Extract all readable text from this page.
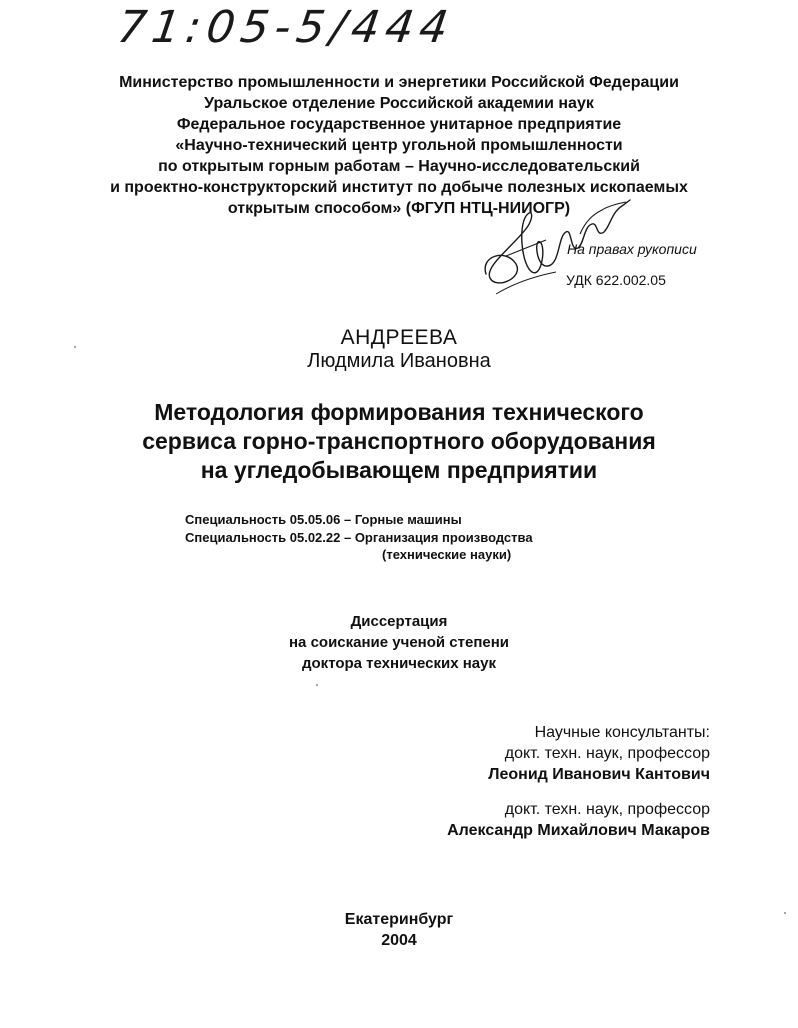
71:05-5/444
Министерство промышленности и энергетики Российской Федерации
Уральское отделение Российской академии наук
Федеральное государственное унитарное предприятие
«Научно-технический центр угольной промышленности
по открытым горным работам – Научно-исследовательский
и проектно-конструкторский институт по добыче полезных ископаемых
открытым способом» (ФГУП НТЦ-НИИОГР)
На правах рукописи
УДК 622.002.05
АНДРЕЕВА
Людмила Ивановна
Методология формирования технического
сервиса горно-транспортного оборудования
на угледобывающем предприятии
Специальность 05.05.06 – Горные машины
Специальность 05.02.22 – Организация производства
(технические науки)
Диссертация
на соискание ученой степени
доктора технических наук
Научные консультанты:
докт. техн. наук, профессор
Леонид Иванович Кантович
докт. техн. наук, профессор
Александр Михайлович Макаров
Екатеринбург
2004
